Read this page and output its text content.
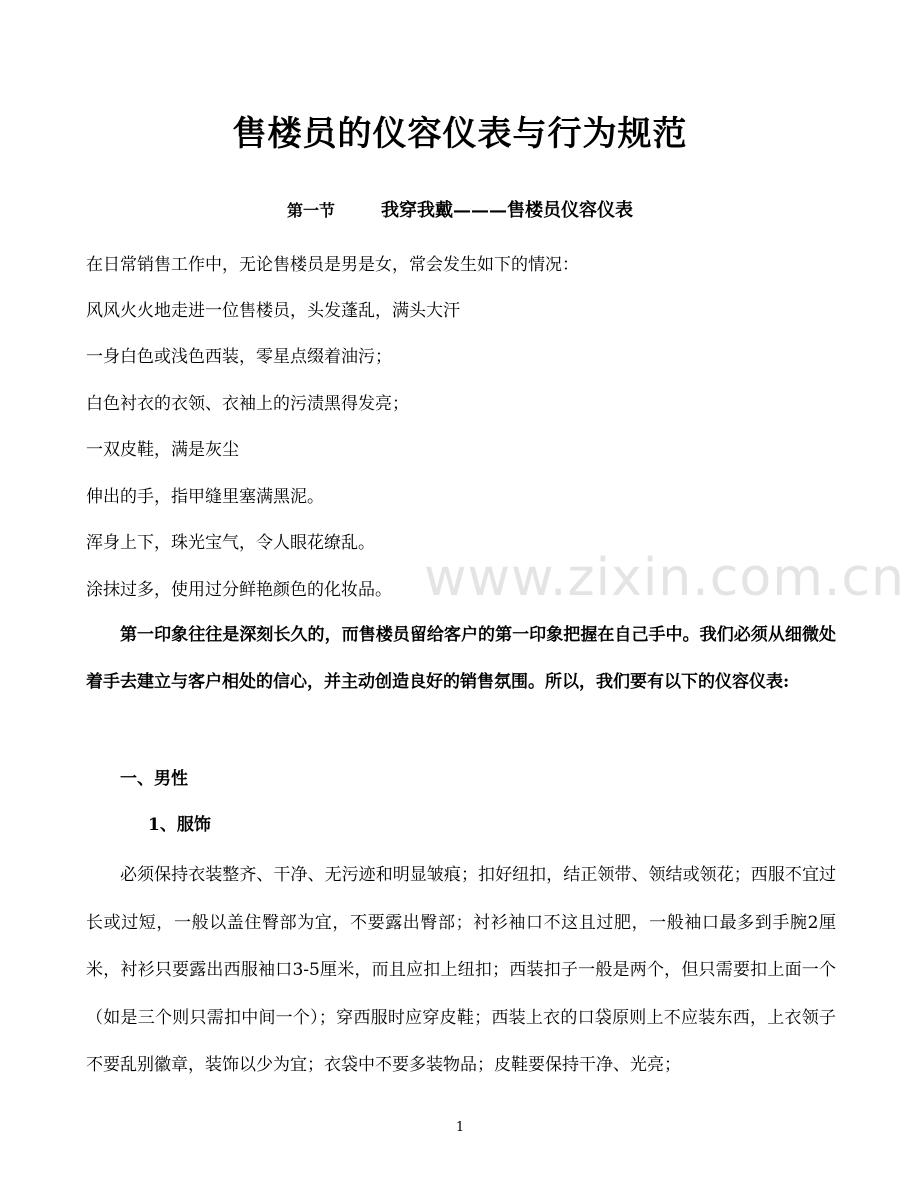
售楼员的仪容仪表与行为规范
第一节	我穿我戴———售楼员仪容仪表
在日常销售工作中，无论售楼员是男是女，常会发生如下的情况：
风风火火地走进一位售楼员，头发蓬乱，满头大汗
一身白色或浅色西装，零星点缀着油污；
白色衬衣的衣领、衣袖上的污渍黑得发亮；
一双皮鞋，满是灰尘
伸出的手，指甲缝里塞满黑泥。
浑身上下，珠光宝气，令人眼花缭乱。
涂抹过多，使用过分鲜艳颜色的化妆品。 www.zixin.com.cn
第一印象往往是深刻长久的，而售楼员留给客户的第一印象把握在自己手中。我们必须从细微处着手去建立与客户相处的信心，并主动创造良好的销售氛围。所以，我们要有以下的仪容仪表:
一、男性
1、服饰
必须保持衣装整齐、干净、无污迹和明显皱痕；扣好纽扣，结正领带、领结或领花；西服不宜过长或过短，一般以盖住臀部为宜，不要露出臀部；衬衫袖口不这且过肥，一般袖口最多到手腕2厘米，衬衫只要露出西服袖口3-5厘米，而且应扣上纽扣；西装扣子一般是两个，但只需要扣上面一个（如是三个则只需扣中间一个）；穿西服时应穿皮鞋；西装上衣的口袋原则上不应装东西，上衣领子不要乱别徽章，装饰以少为宜；衣袋中不要多装物品；皮鞋要保持干净、光亮；
1
